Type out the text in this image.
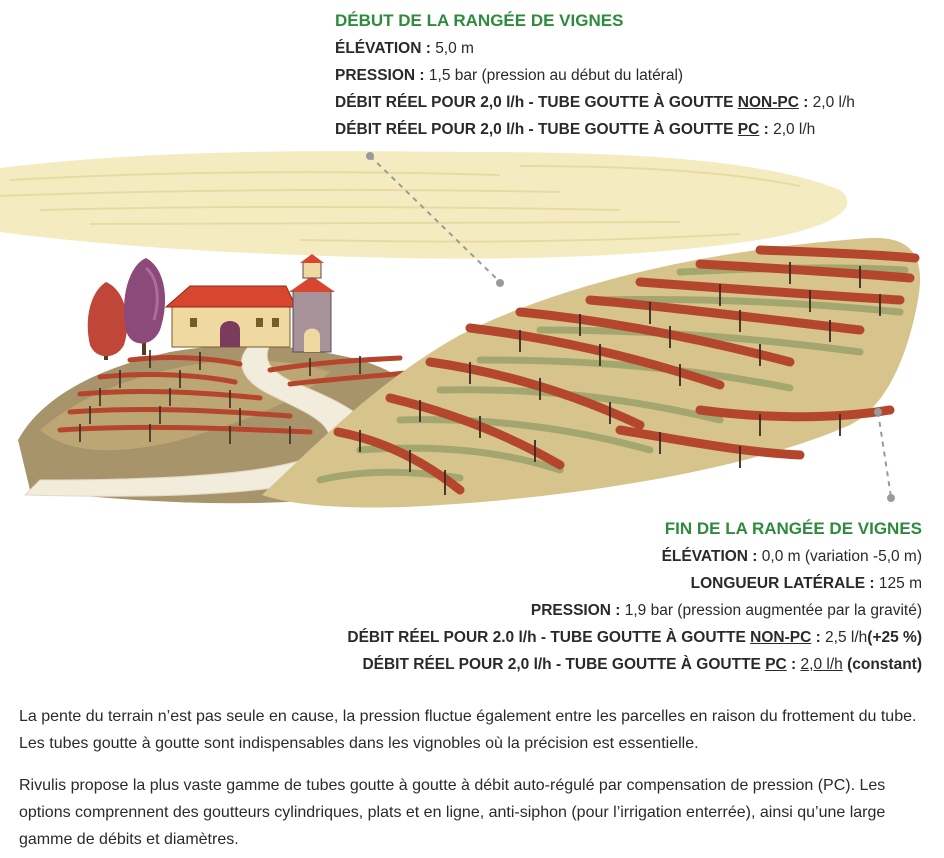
DÉBUT DE LA RANGÉE DE VIGNES
ÉLÉVATION : 5,0 m
PRESSION : 1,5 bar (pression au début du latéral)
DÉBIT RÉEL POUR 2,0 l/h - TUBE GOUTTE À GOUTTE NON-PC : 2,0 l/h
DÉBIT RÉEL POUR 2,0 l/h - TUBE GOUTTE À GOUTTE PC : 2,0 l/h
FIN DE LA RANGÉE DE VIGNES
ÉLÉVATION : 0,0 m (variation -5,0 m)
LONGUEUR LATÉRALE : 125 m
PRESSION : 1,9 bar (pression augmentée par la gravité)
DÉBIT RÉEL POUR 2.0 l/h - TUBE GOUTTE À GOUTTE NON-PC : 2,5 l/h(+25 %)
DÉBIT RÉEL POUR 2,0 l/h - TUBE GOUTTE À GOUTTE PC : 2,0 l/h (constant)

La pente du terrain n’est pas seule en cause, la pression fluctue également entre les parcelles en raison du frottement du tube. Les tubes goutte à goutte sont indispensables dans les vignobles où la précision est essentielle.

Rivulis propose la plus vaste gamme de tubes goutte à goutte à débit auto-régulé par compensation de pression (PC). Les options comprennent des goutteurs cylindriques, plats et en ligne, anti-siphon (pour l’irrigation enterrée), ainsi qu’une large gamme de débits et diamètres.
